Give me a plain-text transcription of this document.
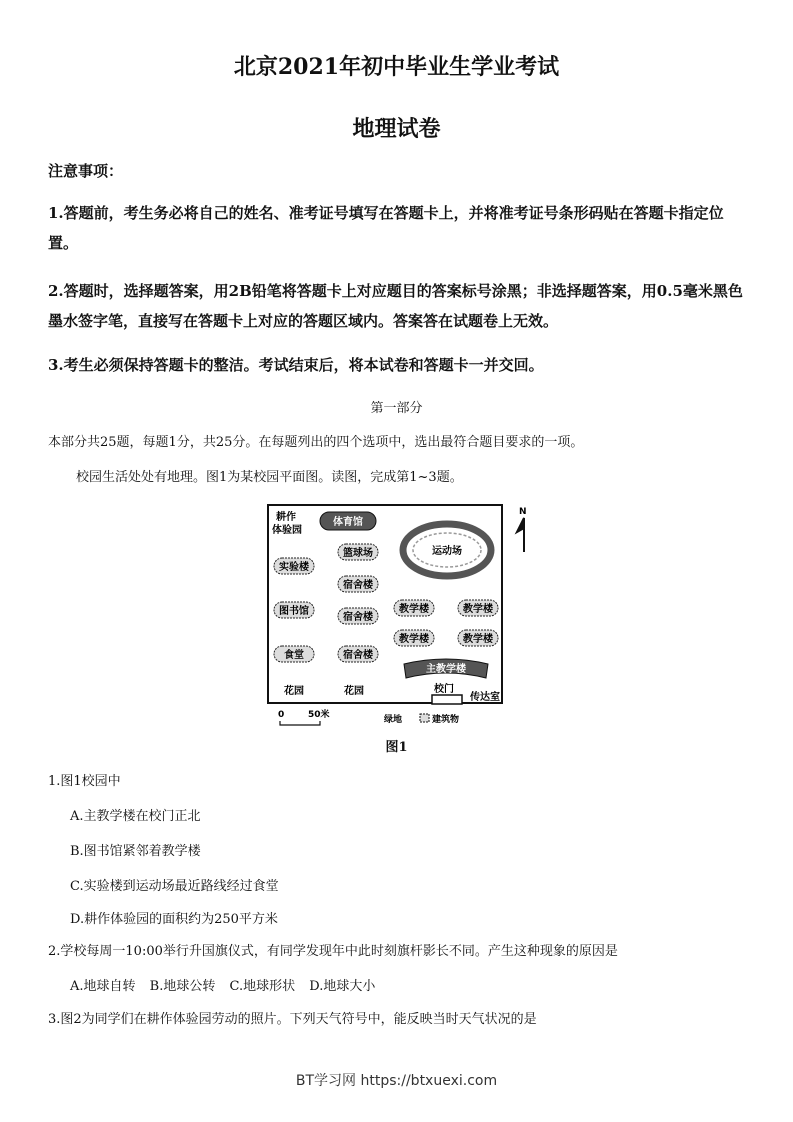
北京2021年初中毕业生学业考试
地理试卷

注意事项：

1.答题前，考生务必将自己的姓名、准考证号填写在答题卡上，并将准考证号条形码贴在答题卡指定位置。

2.答题时，选择题答案，用2B铅笔将答题卡上对应题目的答案标号涂黑；非选择题答案，用0.5毫米黑色墨水签字笔，直接写在答题卡上对应的答题区域内。答案答在试题卷上无效。

3.考生必须保持答题卡的整洁。考试结束后，将本试卷和答题卡一并交回。

第一部分

本部分共25题，每题1分，共25分。在每题列出的四个选项中，选出最符合题目要求的一项。

校园生活处处有地理。图1为某校园平面图。读图，完成第1~3题。

N
耕作
体验园
体育馆
运动场
篮球场
实验楼
宿舍楼
图书馆
宿舍楼
教学楼	教学楼
教学楼	教学楼
食堂	宿舍楼
主教学楼
花园	花园	校门
传达室
0	50米	绿地	建筑物

图1

1.图1校园中

A.主教学楼在校门正北

B.图书馆紧邻着教学楼

C.实验楼到运动场最近路线经过食堂

D.耕作体验园的面积约为250平方米

2.学校每周一10:00举行升国旗仪式，有同学发现年中此时刻旗杆影长不同。产生这种现象的原因是

A.地球自转 B.地球公转 C.地球形状 D.地球大小

3.图2为同学们在耕作体验园劳动的照片。下列天气符号中，能反映当时天气状况的是

BT学习网 https://btxuexi.com
